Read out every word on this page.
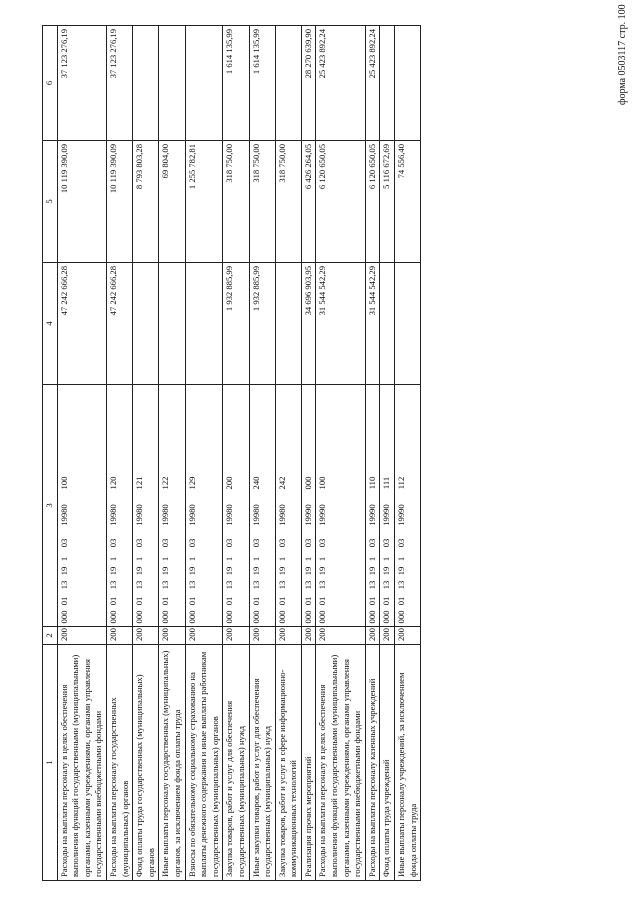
форма 0503117 стр. 100
1	2	3	4	5	6
Расходы на выплаты персоналу в целях обеспечения выполнения функций государственными (муниципальными) органами, казенными учреждениями, органами управления государственными внебюджетными фондами	200	00001131910319980100	47 242 666,28	10 119 390,09	37 123 276,19
Расходы на выплаты персоналу государственных (муниципальных) органов	200	00001131910319980120	47 242 666,28	10 119 390,09	37 123 276,19
Фонд оплаты труда государственных (муниципальных) органов	200	00001131910319980121		8 793 803,28	
Иные выплаты персоналу государственных (муниципальных) органов, за исключением фонда оплаты труда	200	00001131910319980122		69 804,00	
Взносы по обязательному социальному страхованию на выплаты денежного содержания и иные выплаты работникам государственных (муниципальных) органов	200	00001131910319980129		1 255 782,81	
Закупка товаров, работ и услуг для обеспечения государственных (муниципальных) нужд	200	00001131910319980200	1 932 885,99	318 750,00	1 614 135,99
Иные закупки товаров, работ и услуг для обеспечения государственных (муниципальных) нужд	200	00001131910319980240	1 932 885,99	318 750,00	1 614 135,99
Закупка товаров, работ и услуг в сфере информационно-коммуникационных технологий	200	00001131910319980242		318 750,00	
Реализация прочих мероприятий	200	00001131910319990000	34 696 903,95	6 426 264,05	28 270 639,90
Расходы на выплаты персоналу в целях обеспечения выполнения функций государственными (муниципальными) органами, казенными учреждениями, органами управления государственными внебюджетными фондами	200	00001131910319990100	31 544 542,29	6 120 650,05	25 423 892,24
Расходы на выплаты персоналу казенных учреждений	200	00001131910319990110	31 544 542,29	6 120 650,05	25 423 892,24
Фонд оплаты труда учреждений	200	00001131910319990111		5 116 672,69	
Иные выплаты персоналу учреждений, за исключением фонда оплаты труда	200	00001131910319990112		74 556,40	
